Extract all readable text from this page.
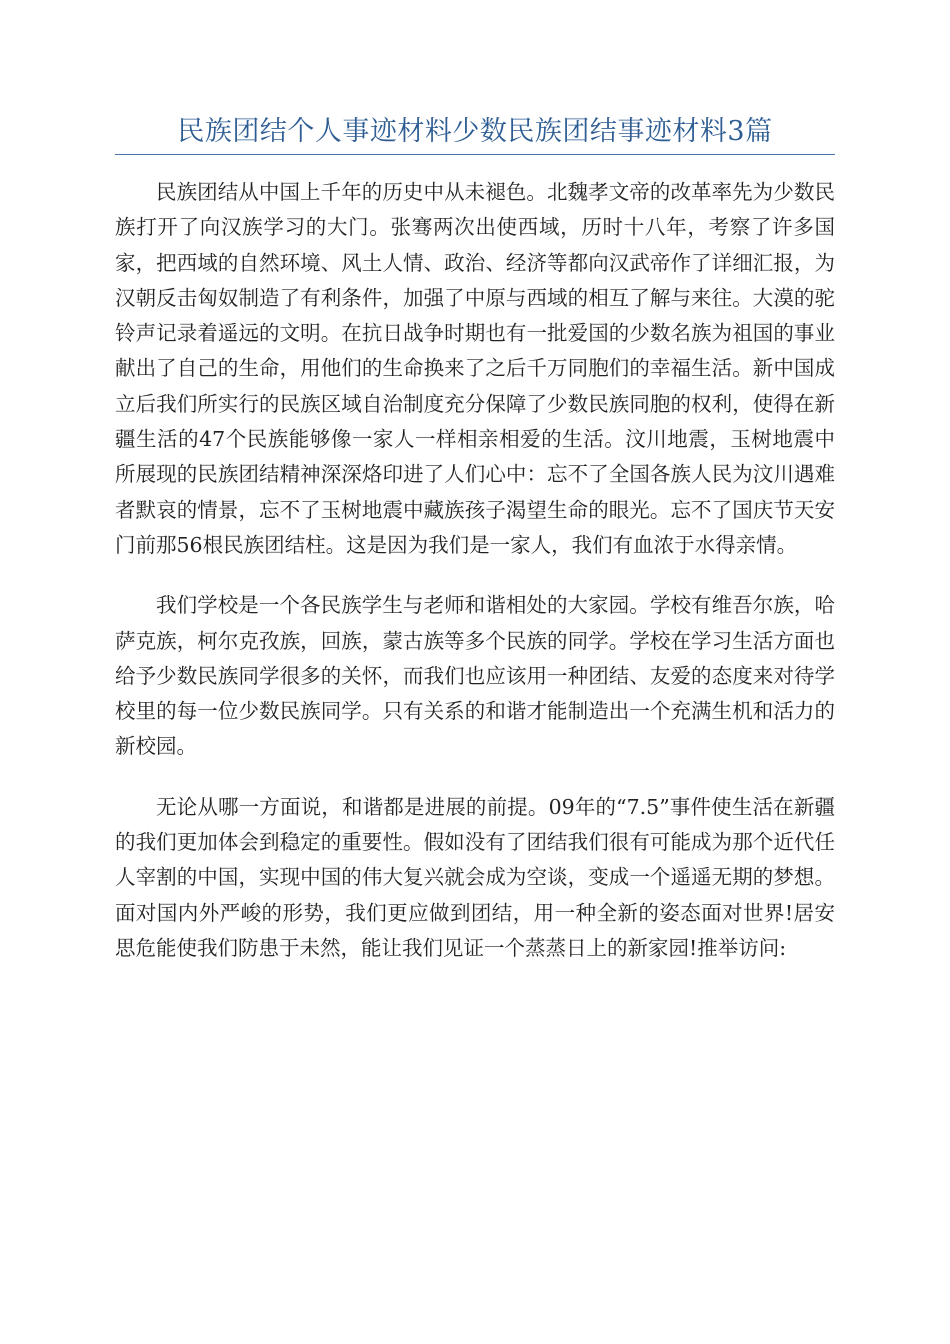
民族团结个人事迹材料少数民族团结事迹材料3篇

民族团结从中国上千年的历史中从未褪色。北魏孝文帝的改革率先为少数民族打开了向汉族学习的大门。张骞两次出使西域，历时十八年，考察了许多国家，把西域的自然环境、风土人情、政治、经济等都向汉武帝作了详细汇报，为汉朝反击匈奴制造了有利条件，加强了中原与西域的相互了解与来往。大漠的驼铃声记录着遥远的文明。在抗日战争时期也有一批爱国的少数名族为祖国的事业献出了自己的生命，用他们的生命换来了之后千万同胞们的幸福生活。新中国成立后我们所实行的民族区域自治制度充分保障了少数民族同胞的权利，使得在新疆生活的47个民族能够像一家人一样相亲相爱的生活。汶川地震，玉树地震中所展现的民族团结精神深深烙印进了人们心中：忘不了全国各族人民为汶川遇难者默哀的情景，忘不了玉树地震中藏族孩子渴望生命的眼光。忘不了国庆节天安门前那56根民族团结柱。这是因为我们是一家人，我们有血浓于水得亲情。

我们学校是一个各民族学生与老师和谐相处的大家园。学校有维吾尔族，哈萨克族，柯尔克孜族，回族，蒙古族等多个民族的同学。学校在学习生活方面也给予少数民族同学很多的关怀，而我们也应该用一种团结、友爱的态度来对待学校里的每一位少数民族同学。只有关系的和谐才能制造出一个充满生机和活力的新校园。

无论从哪一方面说，和谐都是进展的前提。09年的“7.5”事件使生活在新疆的我们更加体会到稳定的重要性。假如没有了团结我们很有可能成为那个近代任人宰割的中国，实现中国的伟大复兴就会成为空谈，变成一个遥遥无期的梦想。面对国内外严峻的形势，我们更应做到团结，用一种全新的姿态面对世界!居安思危能使我们防患于未然，能让我们见证一个蒸蒸日上的新家园!推举访问:
